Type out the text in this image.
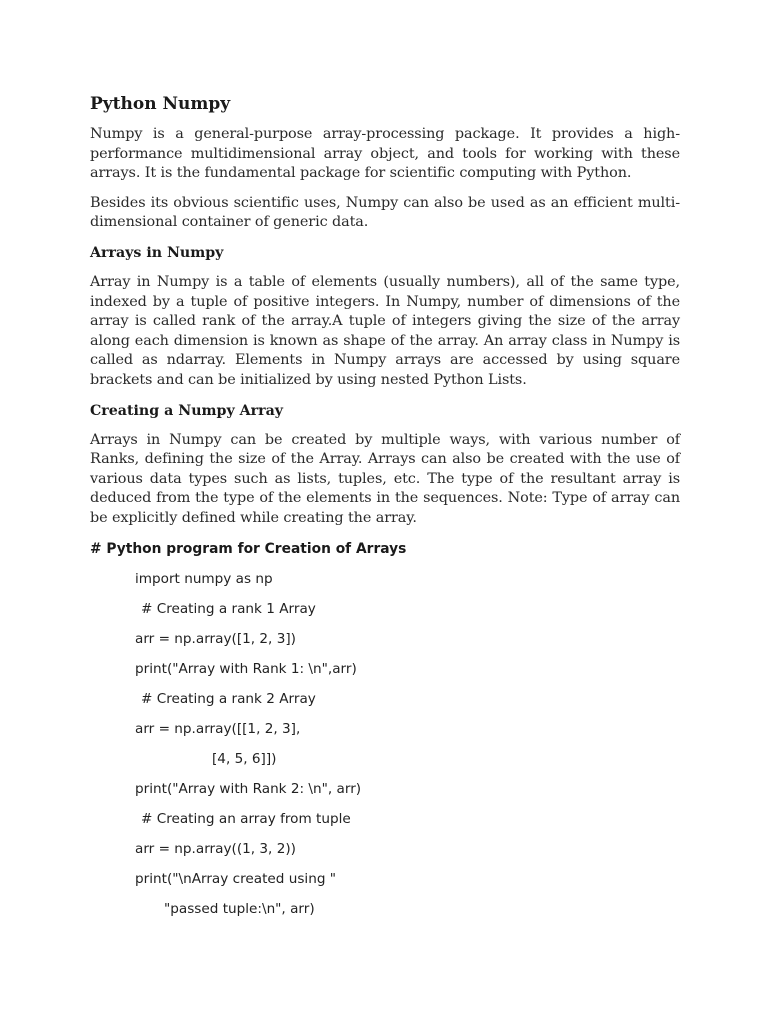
Python Numpy

Numpy is a general-purpose array-processing package. It provides a high-performance multidimensional array object, and tools for working with these arrays. It is the fundamental package for scientific computing with Python.

Besides its obvious scientific uses, Numpy can also be used as an efficient multi-dimensional container of generic data.

Arrays in Numpy

Array in Numpy is a table of elements (usually numbers), all of the same type, indexed by a tuple of positive integers. In Numpy, number of dimensions of the array is called rank of the array.A tuple of integers giving the size of the array along each dimension is known as shape of the array. An array class in Numpy is called as ndarray. Elements in Numpy arrays are accessed by using square brackets and can be initialized by using nested Python Lists.

Creating a Numpy Array

Arrays in Numpy can be created by multiple ways, with various number of Ranks, defining the size of the Array. Arrays can also be created with the use of various data types such as lists, tuples, etc. The type of the resultant array is deduced from the type of the elements in the sequences. Note: Type of array can be explicitly defined while creating the array.

# Python program for Creation of Arrays
import numpy as np
# Creating a rank 1 Array
arr = np.array([1, 2, 3])
print("Array with Rank 1: \n",arr)
# Creating a rank 2 Array
arr = np.array([[1, 2, 3],
[4, 5, 6]])
print("Array with Rank 2: \n", arr)
# Creating an array from tuple
arr = np.array((1, 3, 2))
print("\nArray created using "
"passed tuple:\n", arr)
